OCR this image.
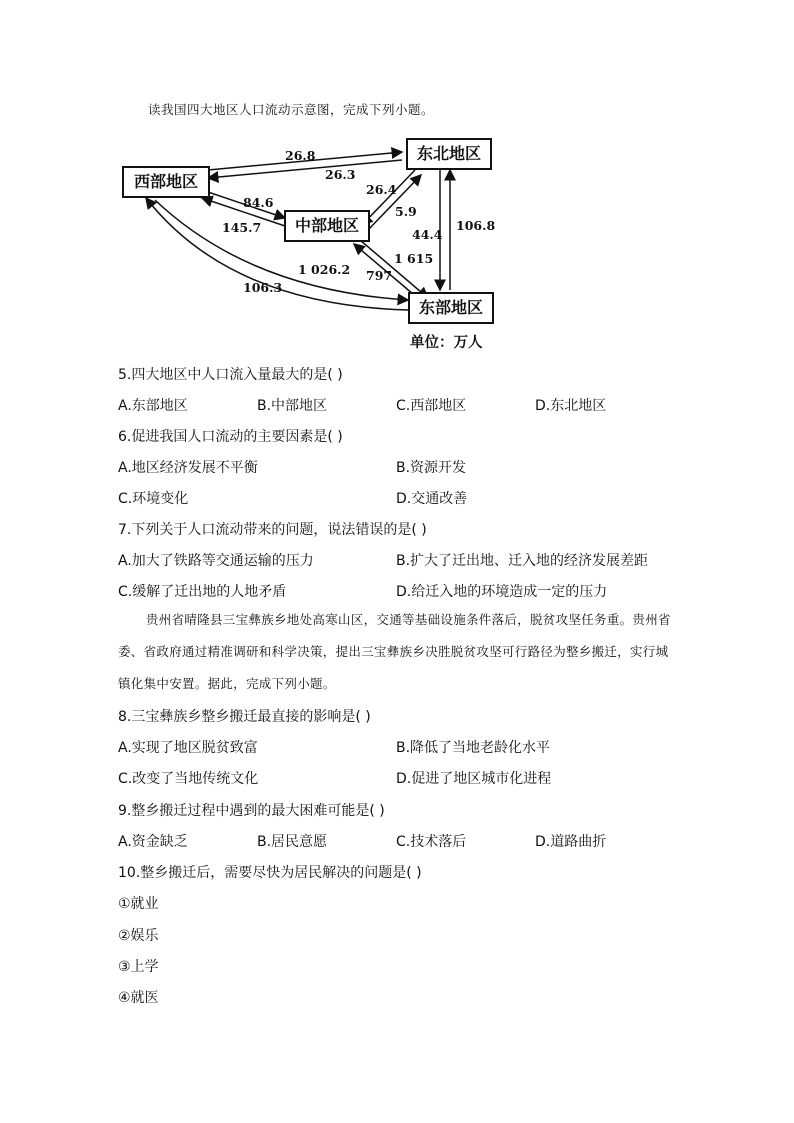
读我国四大地区人口流动示意图，完成下列小题。
西部地区
东北地区
中部地区
东部地区
26.8
26.3
26.4
5.9
84.6
145.7	44.4
106.8
1 615
797
1 026.2
106.3
单位：万人
5.四大地区中人口流入量最大的是( )
A.东部地区	B.中部地区	C.西部地区	D.东北地区
6.促进我国人口流动的主要因素是( )
A.地区经济发展不平衡	B.资源开发
C.环境变化	D.交通改善
7.下列关于人口流动带来的问题，说法错误的是( )
A.加大了铁路等交通运输的压力	B.扩大了迁出地、迁入地的经济发展差距
C.缓解了迁出地的人地矛盾	D.给迁入地的环境造成一定的压力
贵州省晴隆县三宝彝族乡地处高寒山区，交通等基础设施条件落后，脱贫攻坚任务重。贵州省委、省政府通过精准调研和科学决策，提出三宝彝族乡决胜脱贫攻坚可行路径为整乡搬迁，实行城镇化集中安置。据此，完成下列小题。
8.三宝彝族乡整乡搬迁最直接的影响是( )
A.实现了地区脱贫致富	B.降低了当地老龄化水平
C.改变了当地传统文化	D.促进了地区城市化进程
9.整乡搬迁过程中遇到的最大困难可能是( )
A.资金缺乏	B.居民意愿	C.技术落后	D.道路曲折
10.整乡搬迁后，需要尽快为居民解决的问题是( )
①就业
②娱乐
③上学
④就医
